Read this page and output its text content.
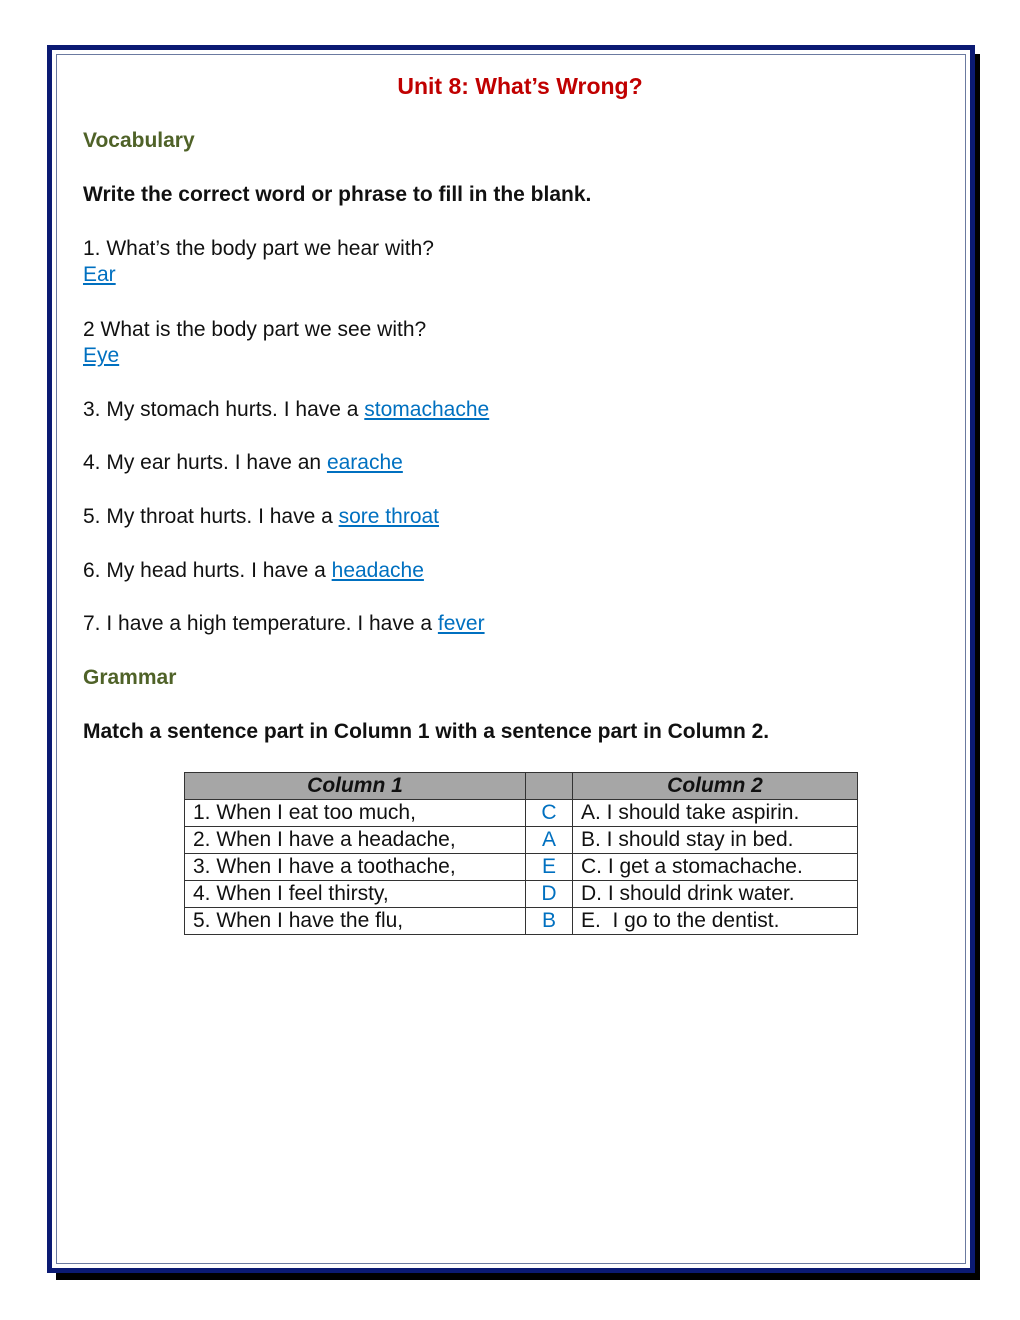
Unit 8: What’s Wrong?
Vocabulary
Write the correct word or phrase to fill in the blank.
1. What’s the body part we hear with?
Ear
2 What is the body part we see with?
Eye
3. My stomach hurts. I have a stomachache
4. My ear hurts. I have an earache
5. My throat hurts. I have a sore throat
6. My head hurts. I have a headache
7. I have a high temperature. I have a fever
Grammar
Match a sentence part in Column 1 with a sentence part in Column 2.
Column 1		Column 2
1. When I eat too much,	C	A. I should take aspirin.
2. When I have a headache,	A	B. I should stay in bed.
3. When I have a toothache,	E	C. I get a stomachache.
4. When I feel thirsty,	D	D. I should drink water.
5. When I have the flu,	B	E.  I go to the dentist.
